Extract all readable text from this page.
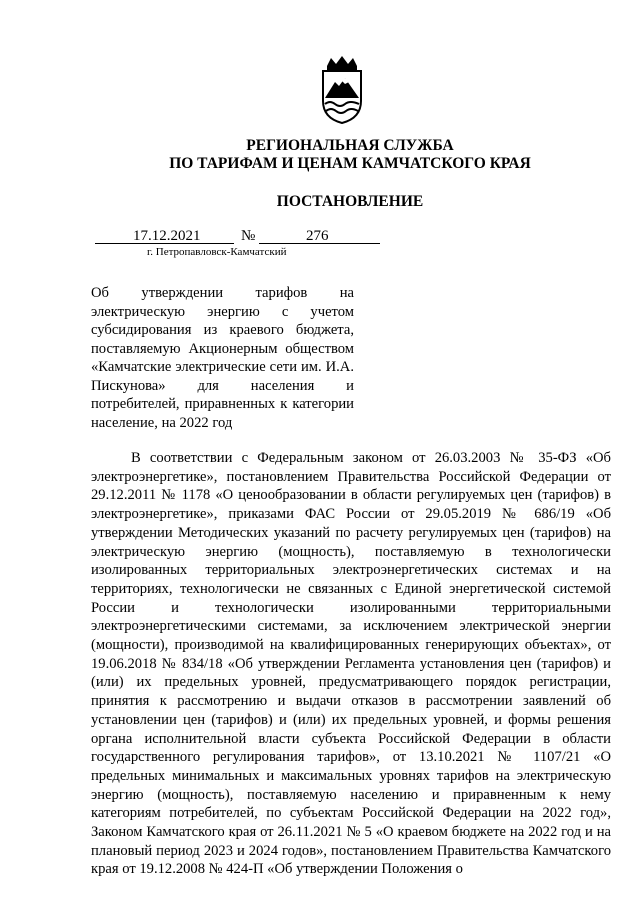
РЕГИОНАЛЬНАЯ СЛУЖБА
ПО ТАРИФАМ И ЦЕНАМ КАМЧАТСКОГО КРАЯ
ПОСТАНОВЛЕНИЕ
17.12.2021	№	276
г. Петропавловск-Камчатский
Об утверждении тарифов на электрическую энергию с учетом субсидирования из краевого бюджета, поставляемую Акционерным обществом «Камчатские электрические сети им. И.А. Пискунова» для населения и потребителей, приравненных к категории население, на 2022 год
В соответствии с Федеральным законом от 26.03.2003 № 35-ФЗ «Об электроэнергетике», постановлением Правительства Российской Федерации от 29.12.2011 № 1178 «О ценообразовании в области регулируемых цен (тарифов) в электроэнергетике», приказами ФАС России от 29.05.2019 № 686/19 «Об утверждении Методических указаний по расчету регулируемых цен (тарифов) на электрическую энергию (мощность), поставляемую в технологически изолированных территориальных электроэнергетических системах и на территориях, технологически не связанных с Единой энергетической системой России и технологически изолированными территориальными электроэнергетическими системами, за исключением электрической энергии (мощности), производимой на квалифицированных генерирующих объектах», от 19.06.2018 № 834/18 «Об утверждении Регламента установления цен (тарифов) и (или) их предельных уровней, предусматривающего порядок регистрации, принятия к рассмотрению и выдачи отказов в рассмотрении заявлений об установлении цен (тарифов) и (или) их предельных уровней, и формы решения органа исполнительной власти субъекта Российской Федерации в области государственного регулирования тарифов», от 13.10.2021 № 1107/21 «О предельных минимальных и максимальных уровнях тарифов на электрическую энергию (мощность), поставляемую населению и приравненным к нему категориям потребителей, по субъектам Российской Федерации на 2022 год», Законом Камчатского края от 26.11.2021 № 5 «О краевом бюджете на 2022 год и на плановый период 2023 и 2024 годов», постановлением Правительства Камчатского края от 19.12.2008 № 424-П «Об утверждении Положения о
